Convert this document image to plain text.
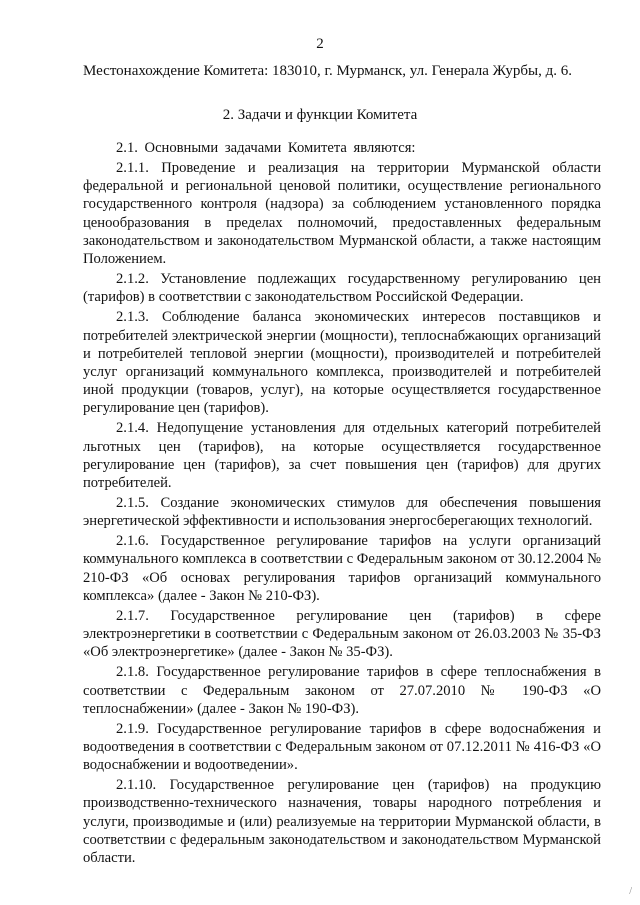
2
Местонахождение Комитета: 183010, г. Мурманск, ул. Генерала Журбы, д. 6.
2. Задачи и функции Комитета

2.1. Основными задачами Комитета являются:

2.1.1. Проведение и реализация на территории Мурманской области федеральной и региональной ценовой политики, осуществление регионального государственного контроля (надзора) за соблюдением установленного порядка ценообразования в пределах полномочий, предоставленных федеральным законодательством и законодательством Мурманской области, а также настоящим Положением.

2.1.2. Установление подлежащих государственному регулированию цен (тарифов) в соответствии с законодательством Российской Федерации.

2.1.3. Соблюдение баланса экономических интересов поставщиков и потребителей электрической энергии (мощности), теплоснабжающих организаций и потребителей тепловой энергии (мощности), производителей и потребителей услуг организаций коммунального комплекса, производителей и потребителей иной продукции (товаров, услуг), на которые осуществляется государственное регулирование цен (тарифов).

2.1.4. Недопущение установления для отдельных категорий потребителей льготных цен (тарифов), на которые осуществляется государственное регулирование цен (тарифов), за счет повышения цен (тарифов) для других потребителей.

2.1.5. Создание экономических стимулов для обеспечения повышения энергетической эффективности и использования энергосберегающих технологий.

2.1.6. Государственное регулирование тарифов на услуги организаций коммунального комплекса в соответствии с Федеральным законом от 30.12.2004 № 210-ФЗ «Об основах регулирования тарифов организаций коммунального комплекса» (далее - Закон № 210-ФЗ).

2.1.7. Государственное регулирование цен (тарифов) в сфере электроэнергетики в соответствии с Федеральным законом от 26.03.2003 № 35-ФЗ «Об электроэнергетике» (далее - Закон № 35-ФЗ).

2.1.8. Государственное регулирование тарифов в сфере теплоснабжения в соответствии с Федеральным законом от 27.07.2010 № 190-ФЗ «О теплоснабжении» (далее - Закон № 190-ФЗ).

2.1.9. Государственное регулирование тарифов в сфере водоснабжения и водоотведения в соответствии с Федеральным законом от 07.12.2011 № 416-ФЗ «О водоснабжении и водоотведении».

2.1.10. Государственное регулирование цен (тарифов) на продукцию производственно-технического назначения, товары народного потребления и услуги, производимые и (или) реализуемые на территории Мурманской области, в соответствии с федеральным законодательством и законодательством Мурманской области.

/
